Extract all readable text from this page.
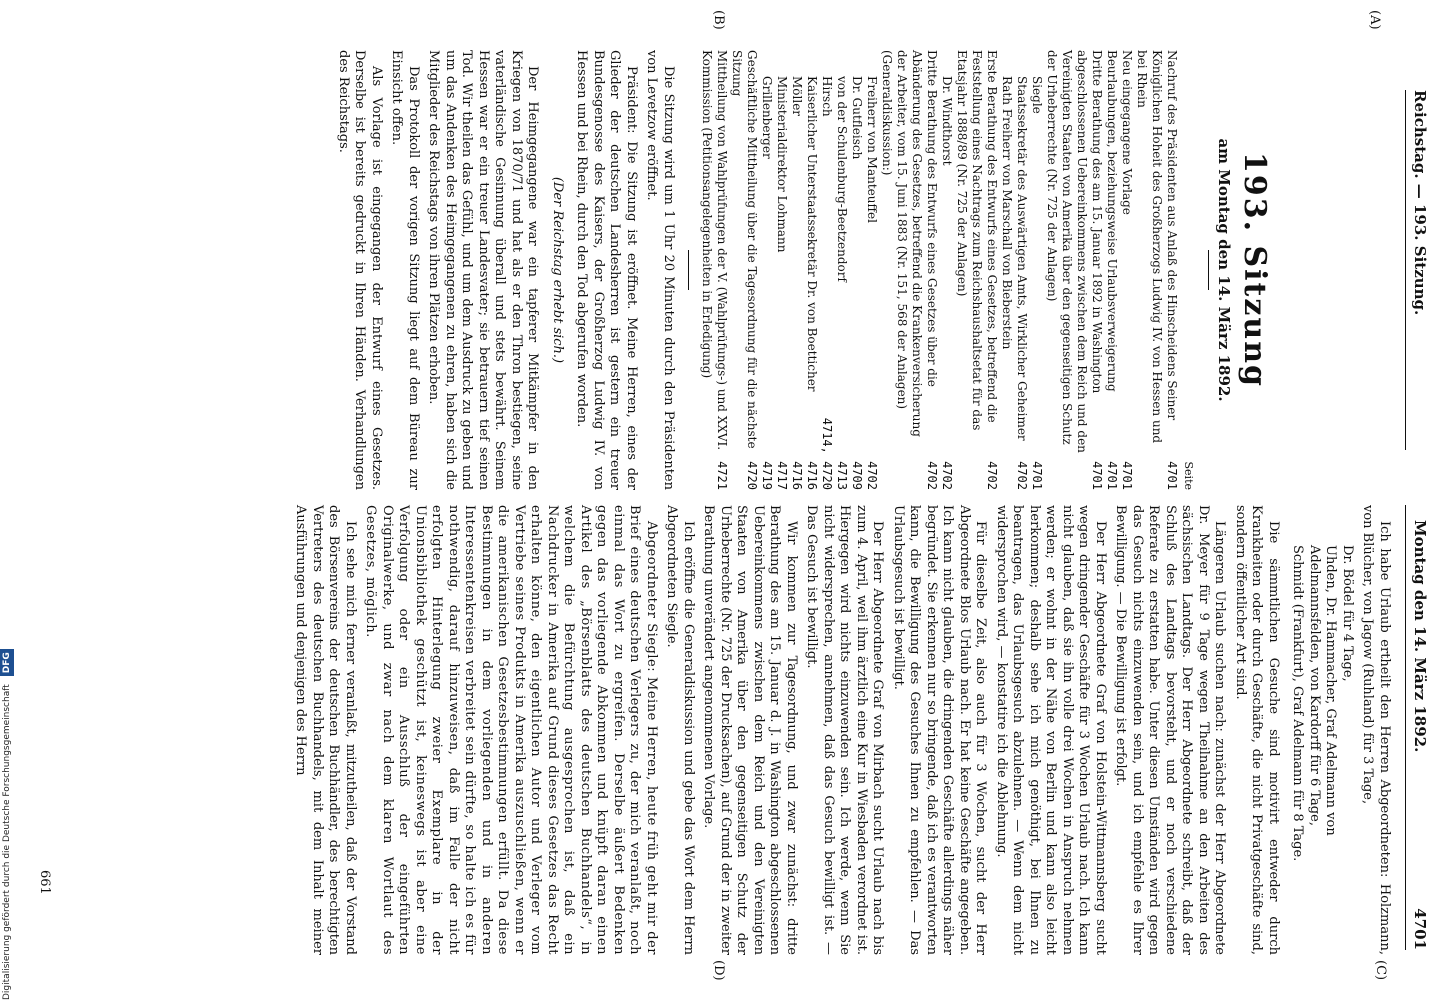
Reichstag. — 193. Sitzung.
Montag den 14. März 1892.
4701
(A)
(B)
(C)
(D)
193. Sitzung
am Montag den 14. März 1892.
Seite
Nachruf des Präsidenten aus Anlaß des Hinscheidens Seiner Königlichen Hoheit des Großherzogs Ludwig IV. von Hessen und bei Rhein
4701
Neu eingegangene Vorlage
4701
Beurlaubungen, beziehungsweise Urlaubsverweigerung
4701
Dritte Berathung des am 15. Januar 1892 in Washington abgeschlossenen Uebereinkommens zwischen dem Reich und den Vereinigten Staaten von Amerika über den gegenseitigen Schutz der Urheberrechte (Nr. 725 der Anlagen)
4701
Siegle
4701
Staatssekretär des Auswärtigen Amts, Wirklicher Geheimer Rath Freiherr von Marschall von Bieberstein
4702
Erste Berathung des Entwurfs eines Gesetzes, betreffend die Feststellung eines Nachtrags zum Reichshaushaltsetat für das Etatsjahr 1888/89 (Nr. 725 der Anlagen)
4702
Dr. Windthorst
4702
Dritte Berathung des Entwurfs eines Gesetzes über die Abänderung des Gesetzes, betreffend die Krankenversicherung der Arbeiter, vom 15. Juni 1883 (Nr. 151, 568 der Anlagen)
4702
(Generaldiskussion:)
Freiherr von Manteuffel
4702
Dr. Gutfleisch
4709
von der Schulenburg-Beetzendorf
4713
Hirsch
4714, 4720
Kaiserlicher Unterstaatssekretär Dr. von Boetticher
4716
Möller
4716
Ministerialdirektor Lohmann
4717
Grillenberger
4719
Geschäftliche Mittheilung über die Tagesordnung für die nächste Sitzung
4720
Mittheilung von Wahlprüfungen der V. (Wahlprüfungs-) und XXVI. Kommission (Petitionsangelegenheiten in Erledigung)
4721

Die Sitzung wird um 1 Uhr 20 Minuten durch den Präsidenten von Levetzow eröffnet.

Präsident: Die Sitzung ist eröffnet. Meine Herren, eines der Glieder der deutschen Landesherren ist gestern ein treuer Bundesgenosse des Kaisers, der Großherzog Ludwig IV. von Hessen und bei Rhein, durch den Tod abgerufen worden.

(Der Reichstag erhebt sich.)

Der Heimgegangene war ein tapferer Mitkämpfer in den Kriegen von 1870/71 und hat als er den Thron bestiegen, seine vaterländische Gesinnung überall und stets bewährt. Seinem Hessen war er ein treuer Landesvater; sie betrauern tief seinen Tod. Wir theilen das Gefühl, und um dem Ausdruck zu geben und um das Andenken des Heimgegangenen zu ehren, haben sich die Mitglieder des Reichstags von ihren Plätzen erhoben.

Das Protokoll der vorigen Sitzung liegt auf dem Büreau zur Einsicht offen.

Als Vorlage ist eingegangen der Entwurf eines Gesetzes. Derselbe ist bereits gedruckt in Ihren Händen. Verhandlungen des Reichstags.

Ich habe Urlaub ertheilt den Herren Abgeordneten: Holzmann, von Blücher, von Jagow (Ruhland) für 3 Tage,

Dr. Bödel für 4 Tage,
Uhden, Dr. Hammacher, Graf Adelmann von Adelmannsfelden, von Kardorff für 6 Tage,
Schmidt (Frankfurt), Graf Adelmann für 8 Tage.

Die sämmtlichen Gesuche sind motivirt entweder durch Krankheiten oder durch Geschäfte, die nicht Privatgeschäfte sind, sondern öffentlicher Art sind.

Längeren Urlaub suchen nach: zunächst der Herr Abgeordnete Dr. Meyer für 9 Tage wegen Theilnahme an den Arbeiten des sächsischen Landtags. Der Herr Abgeordnete schreibt, daß der Schluß des Landtags bevorsteht, und er noch verschiedene Referate zu erstatten habe. Unter diesen Umständen wird gegen das Gesuch nichts einzuwenden sein, und ich empfehle es Ihrer Bewilligung. — Die Bewilligung ist erfolgt.

Der Herr Abgeordnete Graf von Holstein-Wittmannsberg sucht wegen dringender Geschäfte für 3 Wochen Urlaub nach. Ich kann nicht glauben, daß sie ihn volle drei Wochen in Anspruch nehmen werden; er wohnt in der Nähe von Berlin und kann also leicht herkommen; deshalb sehe ich mich genöthigt, bei Ihnen zu beantragen, das Urlaubsgesuch abzulehnen. — Wenn dem nicht widersprochen wird, — konstatire ich die Ablehnung.

Für dieselbe Zeit, also auch für 3 Wochen, sucht der Herr Abgeordnete Blos Urlaub nach. Er hat keine Geschäfte angegeben. Ich kann nicht glauben, die dringenden Geschäfte allerdings näher begründet. Sie erkennen nur so bringende, daß ich es verantworten kann, die Bewilligung des Gesuches Ihnen zu empfehlen. — Das Urlaubsgesuch ist bewilligt.

Der Herr Abgeordnete Graf von Mirbach sucht Urlaub nach bis zum 4. April, weil ihm ärztlich eine Kur in Wiesbaden verordnet ist. Hiergegen wird nichts einzuwenden sein. Ich werde, wenn Sie nicht widersprechen, annehmen, daß das Gesuch bewilligt ist. — Das Gesuch ist bewilligt.

Wir kommen zur Tagesordnung, und zwar zunächst: dritte Berathung des am 15. Januar d. J. in Washington abgeschlossenen Uebereinkommens zwischen dem Reich und den Vereinigten Staaten von Amerika über den gegenseitigen Schutz der Urheberrechte (Nr. 725 der Drucksachen), auf Grund der in zweiter Berathung unverändert angenommenen Vorlage.

Ich eröffne die Generaldiskussion und gebe das Wort dem Herrn Abgeordneten Siegle.

Abgeordneter Siegle: Meine Herren, heute früh geht mir der Brief eines deutschen Verlegers zu, der mich veranlaßt, noch einmal das Wort zu ergreifen. Derselbe äußert Bedenken gegen das vorliegende Abkommen und knüpft daran einen Artikel des „Börsenblatts des deutschen Buchhandels“, in welchem die Befürchtung ausgesprochen ist, daß ein Nachdrucker in Amerika auf Grund dieses Gesetzes das Recht erhalten könne, den eigentlichen Autor und Verleger vom Vertriebe seines Produkts in Amerika auszuschließen, wenn er die amerikanischen Gesetzesbestimmungen erfüllt. Da diese Bestimmungen in dem vorliegenden und in anderen Interessentenkreisen verbreitet sein dürfte, so halte ich es für nothwendig, darauf hinzuweisen, daß im Falle der nicht erfolgten Hinterlegung zweier Exemplare in der Unionsbibliothek geschützt ist, keineswegs ist aber eine Verfolgung oder ein Ausschluß der eingeführten Originalwerke, und zwar nach dem klaren Wortlaut des Gesetzes, möglich.

Ich sehe mich ferner veranlaßt, mitzutheilen, daß der Vorstand des Börsenvereins der deutschen Buchhändler, des berechtigten Vertreters des deutschen Buchhandels, mit dem Inhalt meiner Ausführungen und denjenigen des Herrn

661
Digitalisierung gefördert durch die Deutsche ForschungsgemeinschaftDFG
